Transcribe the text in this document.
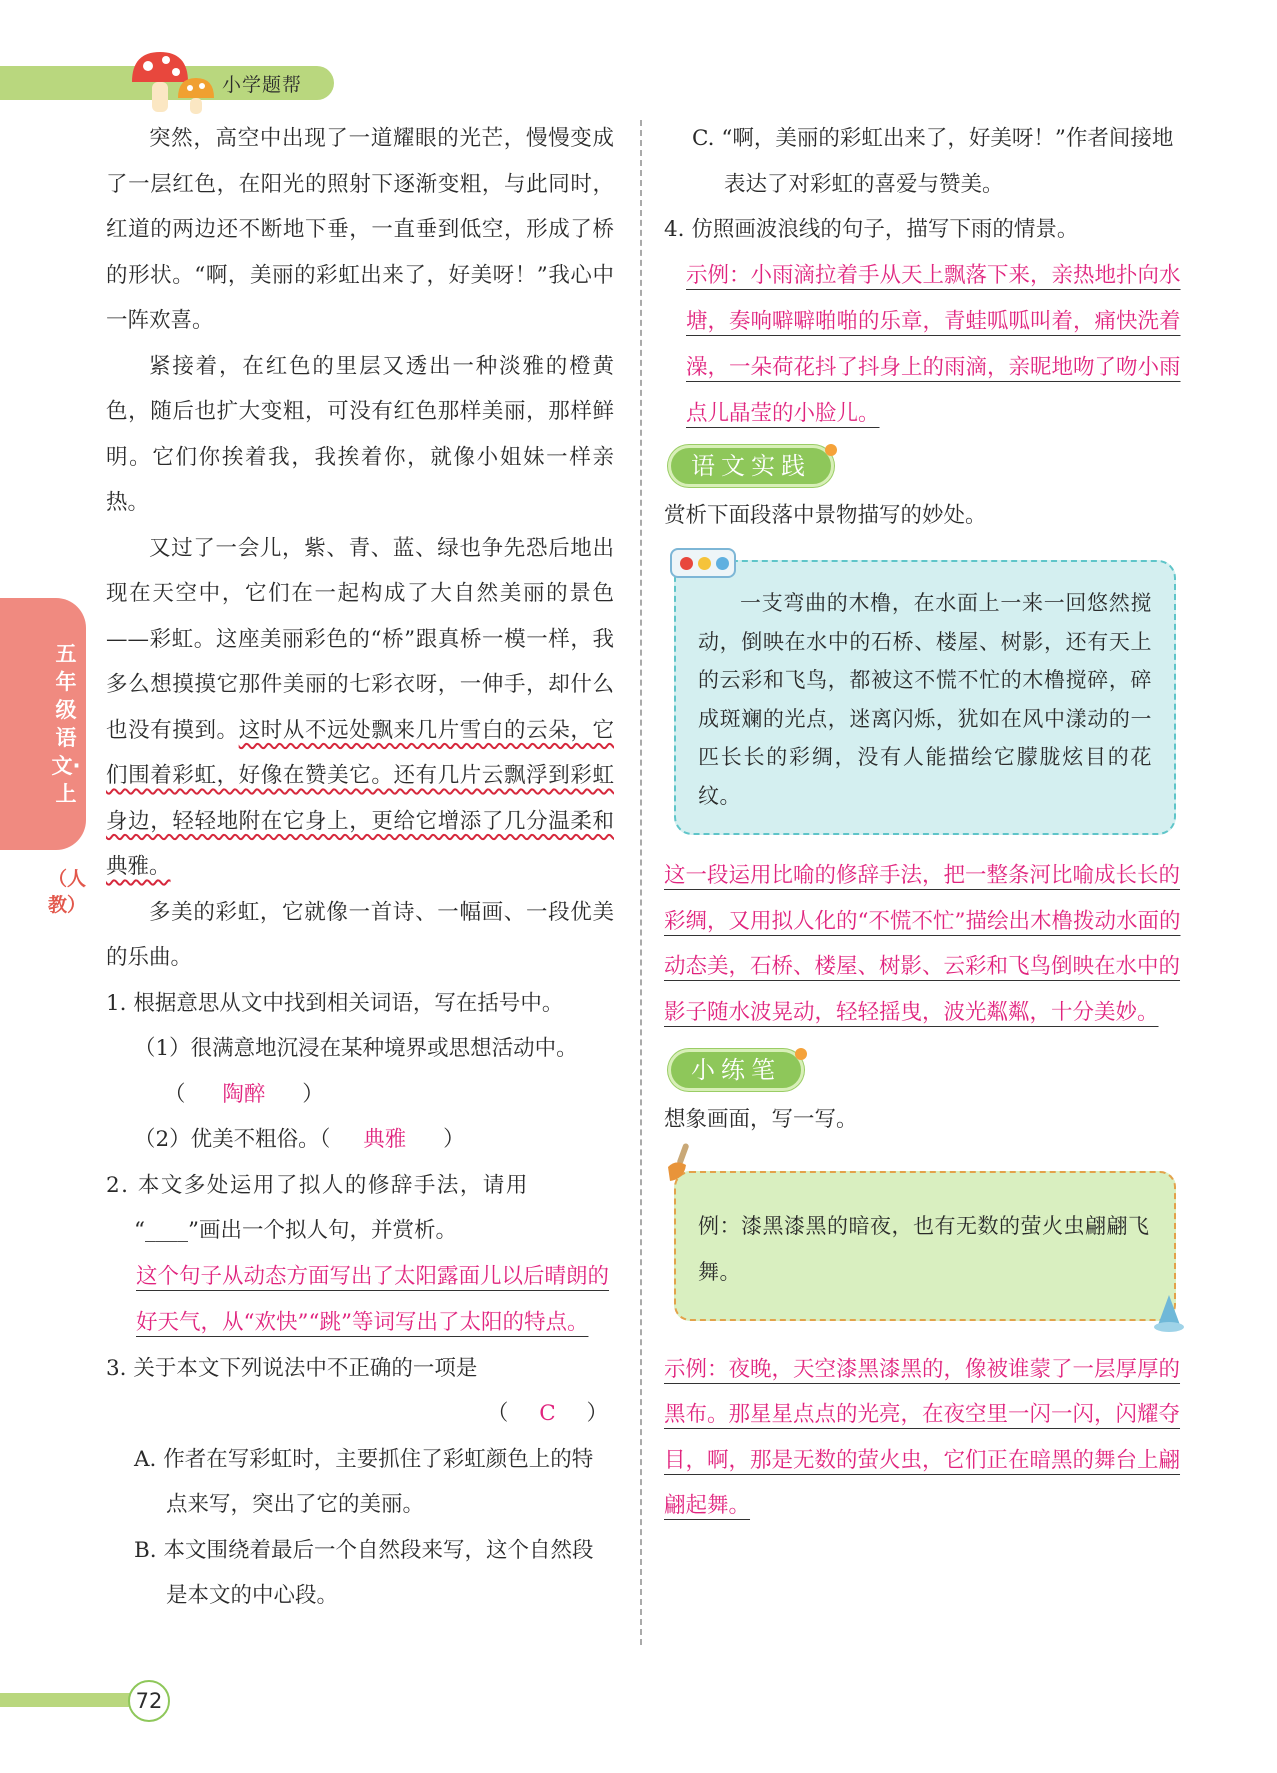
小学题帮
五年级语文·上
（人教）

突然，高空中出现了一道耀眼的光芒，慢慢变成了一层红色，在阳光的照射下逐渐变粗，与此同时，红道的两边还不断地下垂，一直垂到低空，形成了桥的形状。“啊，美丽的彩虹出来了，好美呀！”我心中一阵欢喜。

紧接着，在红色的里层又透出一种淡雅的橙黄色，随后也扩大变粗，可没有红色那样美丽，那样鲜明。它们你挨着我，我挨着你，就像小姐妹一样亲热。

又过了一会儿，紫、青、蓝、绿也争先恐后地出现在天空中，它们在一起构成了大自然美丽的景色——彩虹。这座美丽彩色的“桥”跟真桥一模一样，我多么想摸摸它那件美丽的七彩衣呀，一伸手，却什么也没有摸到。这时从不远处飘来几片雪白的云朵，它们围着彩虹，好像在赞美它。还有几片云飘浮到彩虹身边，轻轻地附在它身上，更给它增添了几分温柔和典雅。

多美的彩虹，它就像一首诗、一幅画、一段优美的乐曲。

1. 根据意思从文中找到相关词语，写在括号中。
（1）很满意地沉浸在某种境界或思想活动中。
（ 陶醉 ）
（2）优美不粗俗。（ 典雅 ）
2. 本文多处运用了拟人的修辞手法，请用
“____”画出一个拟人句，并赏析。
这个句子从动态方面写出了太阳露面儿以后晴朗的好天气，从“欢快”“跳”等词写出了太阳的特点。
3. 关于本文下列说法中不正确的一项是
（ C ）
A. 作者在写彩虹时，主要抓住了彩虹颜色上的特点来写，突出了它的美丽。
B. 本文围绕着最后一个自然段来写，这个自然段是本文的中心段。
C. “啊，美丽的彩虹出来了，好美呀！”作者间接地表达了对彩虹的喜爱与赞美。
4. 仿照画波浪线的句子，描写下雨的情景。
示例：小雨滴拉着手从天上飘落下来，亲热地扑向水塘，奏响噼噼啪啪的乐章，青蛙呱呱叫着，痛快洗着澡，一朵荷花抖了抖身上的雨滴，亲昵地吻了吻小雨点儿晶莹的小脸儿。
语文实践
赏析下面段落中景物描写的妙处。

一支弯曲的木橹，在水面上一来一回悠然搅动，倒映在水中的石桥、楼屋、树影，还有天上的云彩和飞鸟，都被这不慌不忙的木橹搅碎，碎成斑斓的光点，迷离闪烁，犹如在风中漾动的一匹长长的彩绸，没有人能描绘它朦胧炫目的花纹。

这一段运用比喻的修辞手法，把一整条河比喻成长长的彩绸，又用拟人化的“不慌不忙”描绘出木橹拨动水面的动态美，石桥、楼屋、树影、云彩和飞鸟倒映在水中的影子随水波晃动，轻轻摇曳，波光粼粼，十分美妙。
小练笔
想象画面，写一写。
例：漆黑漆黑的暗夜，也有无数的萤火虫翩翩飞舞。
示例：夜晚，天空漆黑漆黑的，像被谁蒙了一层厚厚的黑布。那星星点点的光亮，在夜空里一闪一闪，闪耀夺目，啊，那是无数的萤火虫，它们正在暗黑的舞台上翩翩起舞。
72
